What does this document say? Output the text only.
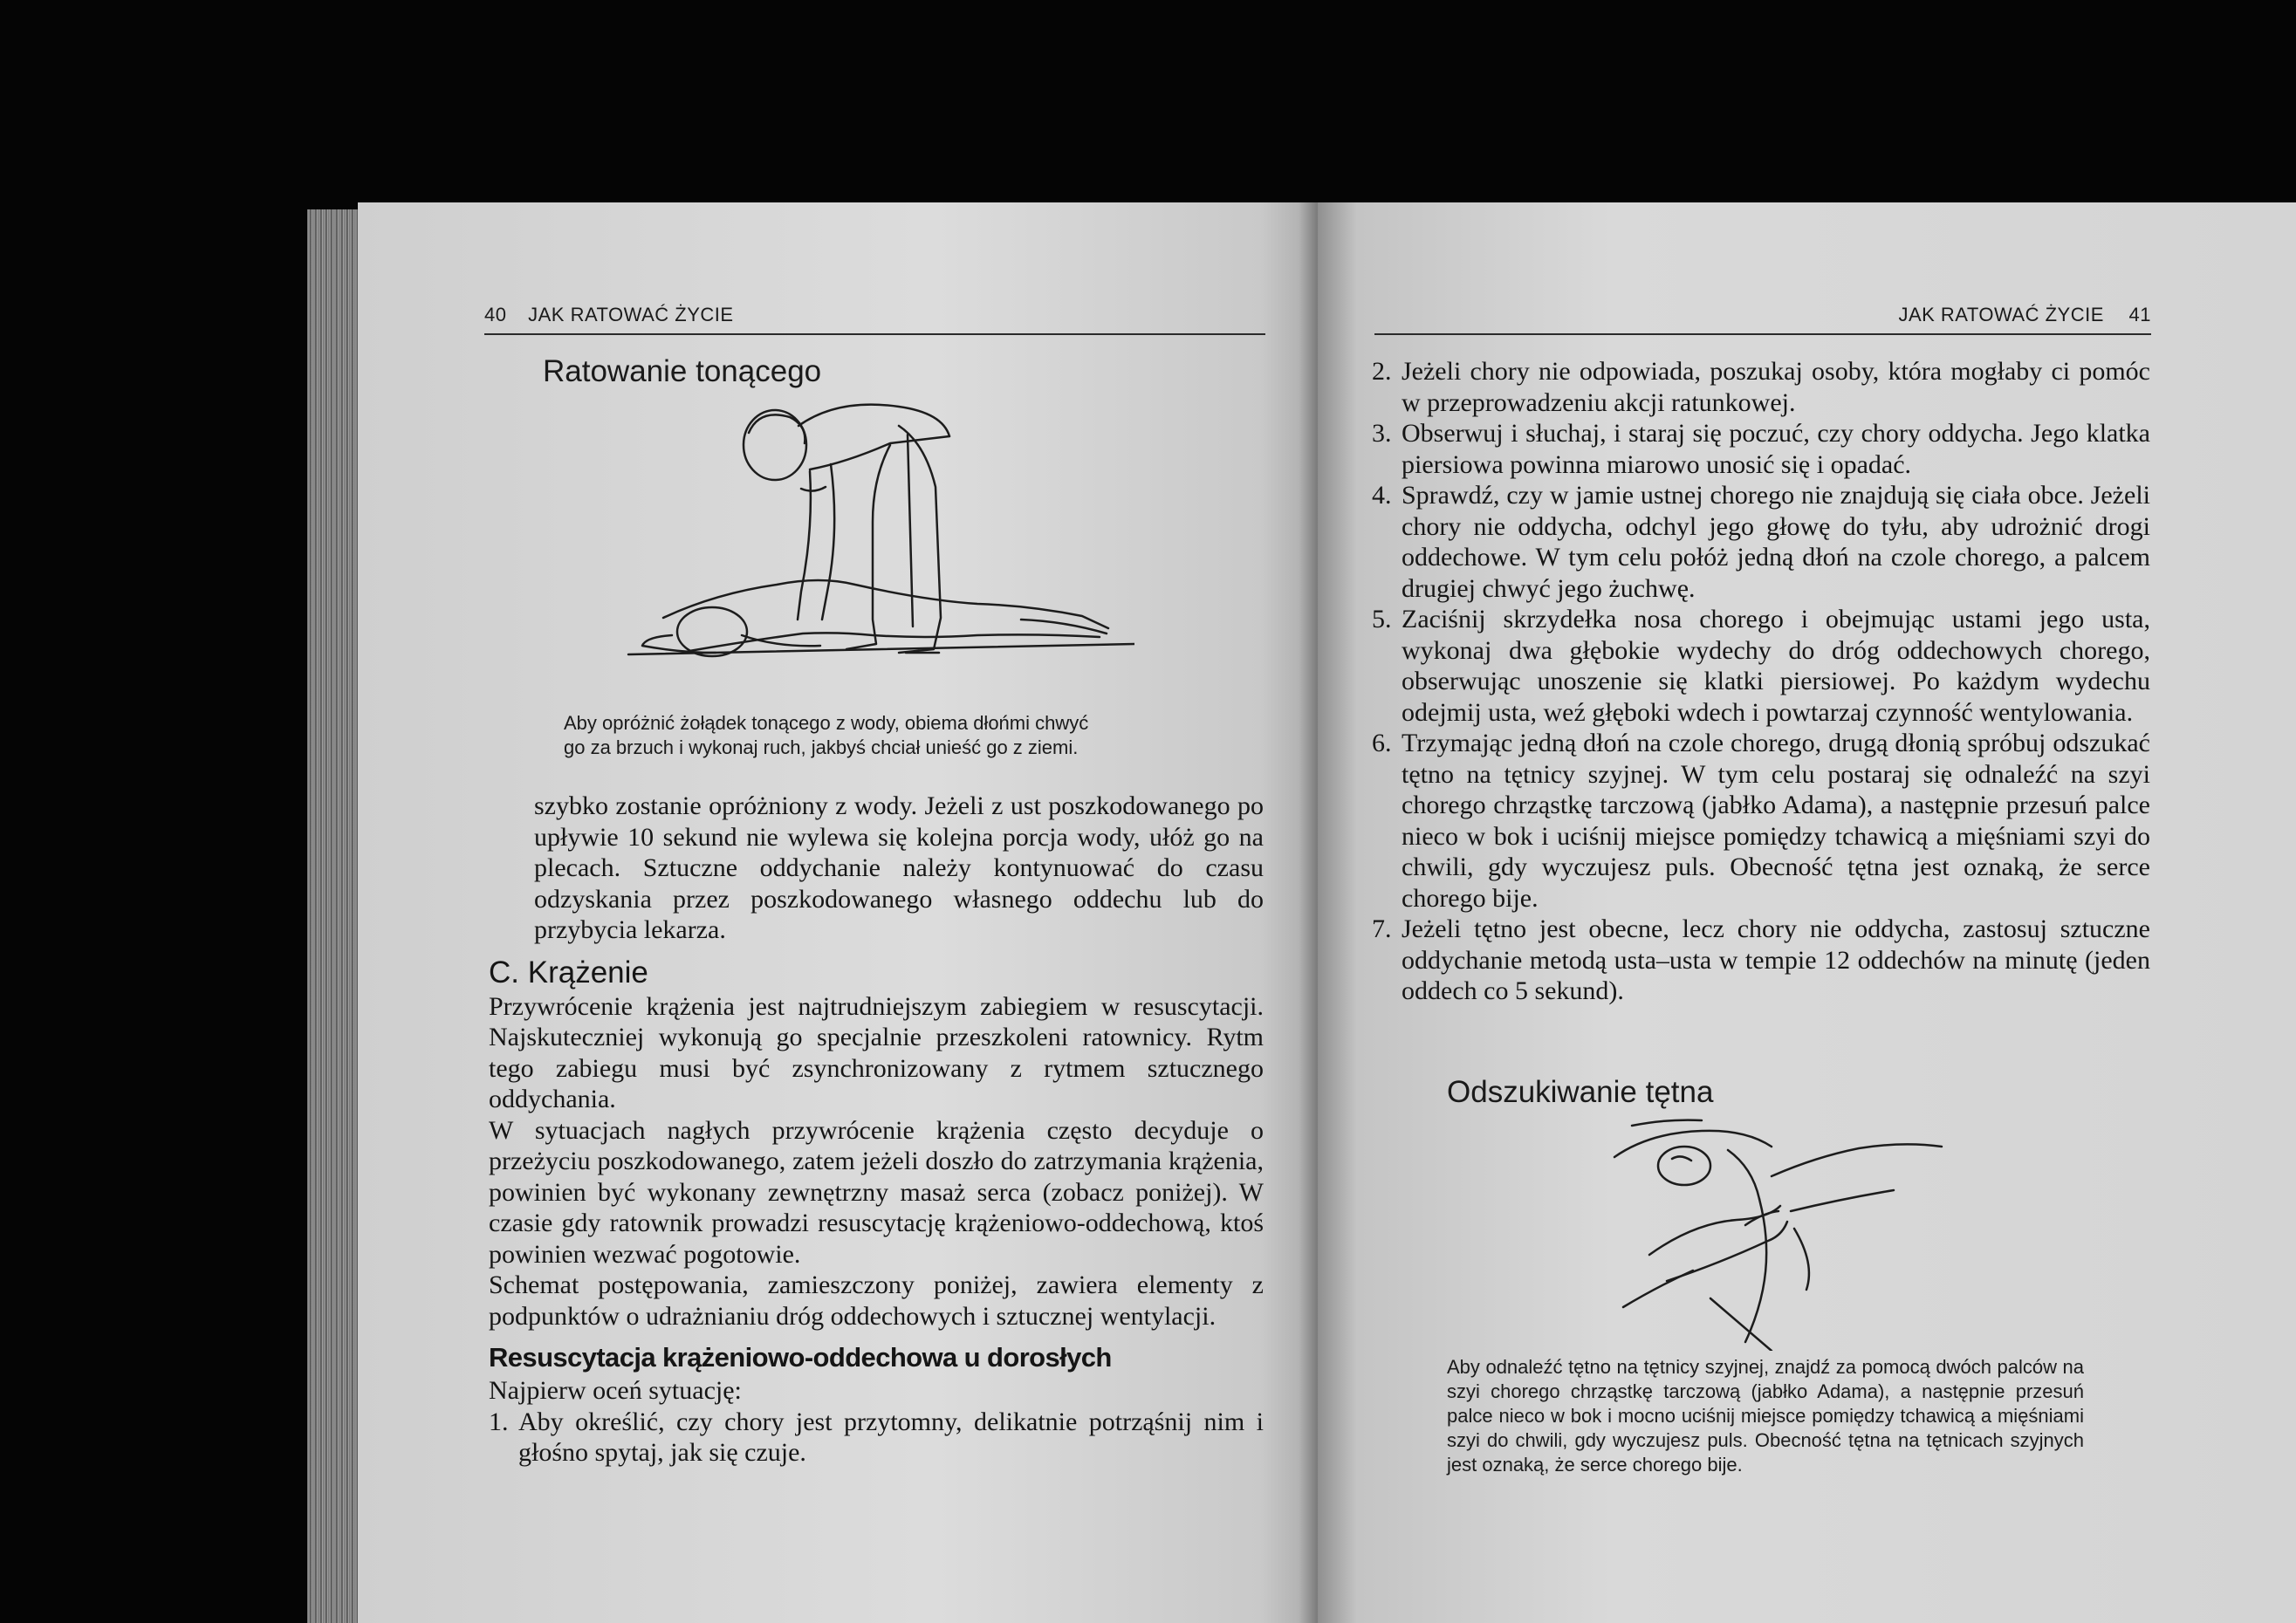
40 JAK RATOWAĆ ŻYCIE
Ratowanie tonącego
Aby opróżnić żołądek tonącego z wody, obiema dłońmi chwyć
go za brzuch i wykonaj ruch, jakbyś chciał unieść go z ziemi.

szybko zostanie opróżniony z wody. Jeżeli z ust poszkodowanego po upływie 10 sekund nie wylewa się kolejna porcja wody, ułóż go na plecach. Sztuczne oddychanie należy kontynuować do czasu odzyskania przez poszkodowanego własnego oddechu lub do przybycia lekarza.

C. Krążenie

Przywrócenie krążenia jest najtrudniejszym zabiegiem w resuscytacji. Najskuteczniej wykonują go specjalnie przeszkoleni ratownicy. Rytm tego zabiegu musi być zsynchronizowany z rytmem sztucznego oddychania.

W sytuacjach nagłych przywrócenie krążenia często decyduje o przeżyciu poszkodowanego, zatem jeżeli doszło do zatrzymania krążenia, powinien być wykonany zewnętrzny masaż serca (zobacz poniżej). W czasie gdy ratownik prowadzi resuscytację krążeniowo-oddechową, ktoś powinien wezwać pogotowie.

Schemat postępowania, zamieszczony poniżej, zawiera elementy z podpunktów o udrażnianiu dróg oddechowych i sztucznej wentylacji.

Resuscytacja krążeniowo-oddechowa u dorosłych

Najpierw oceń sytuację:

1. Aby określić, czy chory jest przytomny, delikatnie potrząśnij nim i głośno spytaj, jak się czuje.
JAK RATOWAĆ ŻYCIE 41
2. Jeżeli chory nie odpowiada, poszukaj osoby, która mogłaby ci pomóc w przeprowadzeniu akcji ratunkowej.
3. Obserwuj i słuchaj, i staraj się poczuć, czy chory oddycha. Jego klatka piersiowa powinna miarowo unosić się i opadać.
4. Sprawdź, czy w jamie ustnej chorego nie znajdują się ciała obce. Jeżeli chory nie oddycha, odchyl jego głowę do tyłu, aby udrożnić drogi oddechowe. W tym celu połóż jedną dłoń na czole chorego, a palcem drugiej chwyć jego żuchwę.
5. Zaciśnij skrzydełka nosa chorego i obejmując ustami jego usta, wykonaj dwa głębokie wydechy do dróg oddechowych chorego, obserwując unoszenie się klatki piersiowej. Po każdym wydechu odejmij usta, weź głęboki wdech i powtarzaj czynność wentylowania.
6. Trzymając jedną dłoń na czole chorego, drugą dłonią spróbuj odszukać tętno na tętnicy szyjnej. W tym celu postaraj się odnaleźć na szyi chorego chrząstkę tarczową (jabłko Adama), a następnie przesuń palce nieco w bok i uciśnij miejsce pomiędzy tchawicą a mięśniami szyi do chwili, gdy wyczujesz puls. Obecność tętna jest oznaką, że serce chorego bije.
7. Jeżeli tętno jest obecne, lecz chory nie oddycha, zastosuj sztuczne oddychanie metodą usta–usta w tempie 12 oddechów na minutę (jeden oddech co 5 sekund).
Odszukiwanie tętna
Aby odnaleźć tętno na tętnicy szyjnej, znajdź za pomocą dwóch palców na szyi chorego chrząstkę tarczową (jabłko Adama), a następnie przesuń palce nieco w bok i mocno uciśnij miejsce pomiędzy tchawicą a mięśniami szyi do chwili, gdy wyczujesz puls. Obecność tętna na tętnicach szyjnych jest oznaką, że serce chorego bije.
